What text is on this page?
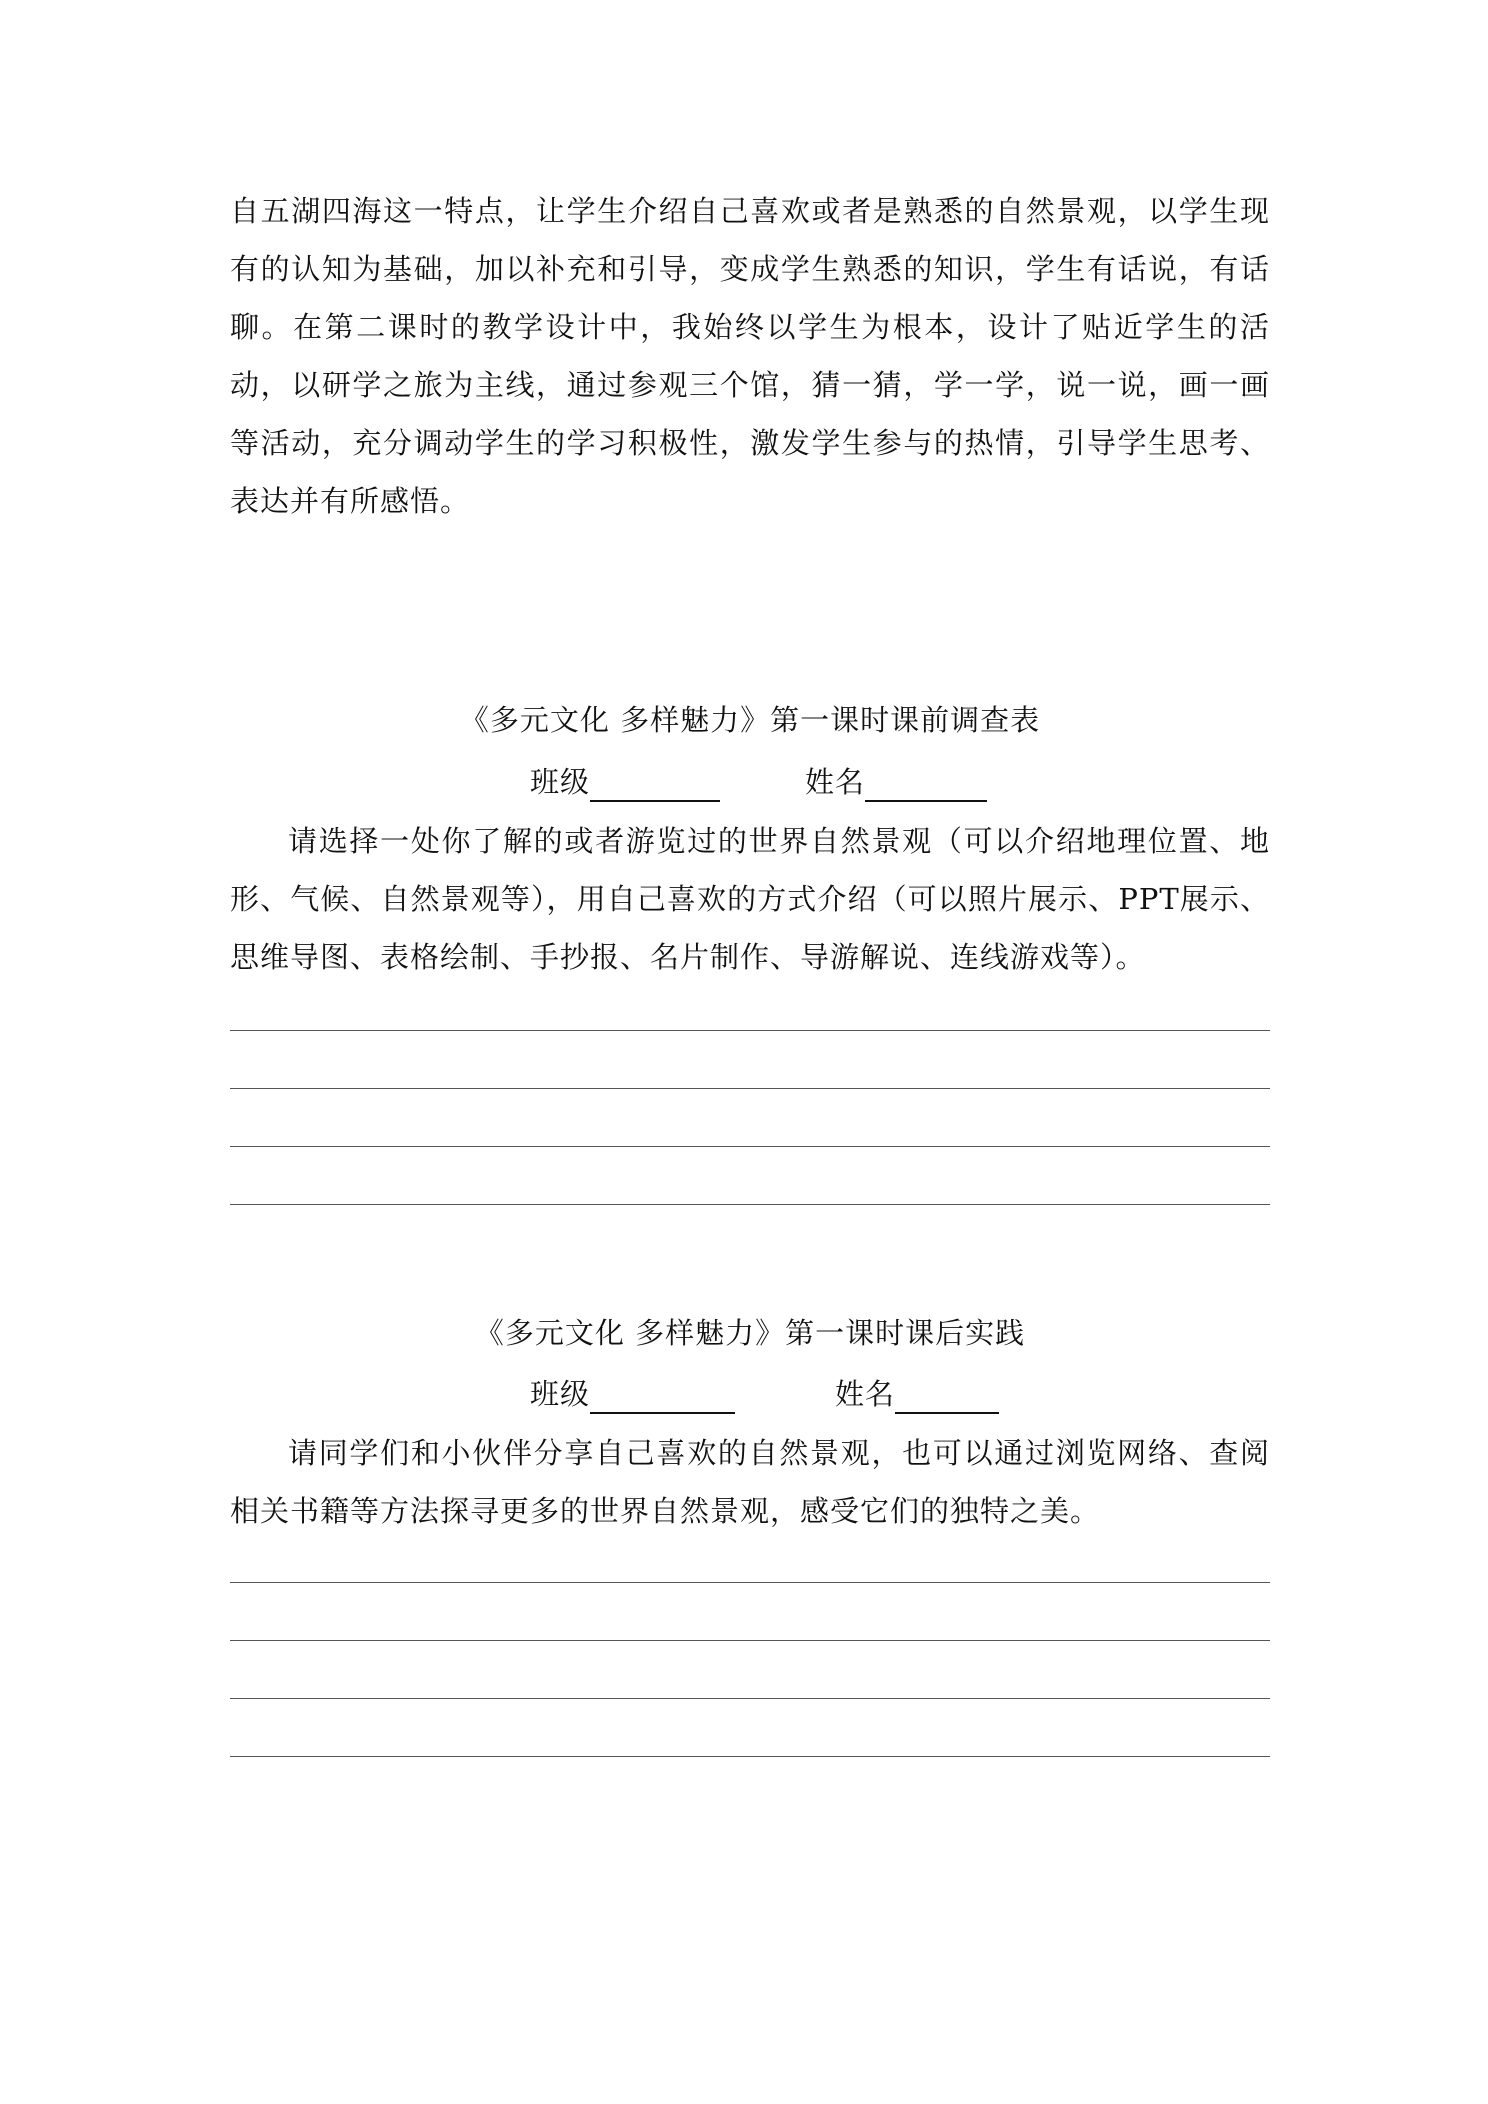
自五湖四海这一特点，让学生介绍自己喜欢或者是熟悉的自然景观，以学生现有的认知为基础，加以补充和引导，变成学生熟悉的知识，学生有话说，有话聊。在第二课时的教学设计中，我始终以学生为根本，设计了贴近学生的活动，以研学之旅为主线，通过参观三个馆，猜一猜，学一学，说一说，画一画等活动，充分调动学生的学习积极性，激发学生参与的热情，引导学生思考、表达并有所感悟。

《多元文化 多样魅力》第一课时课前调查表
班级	姓名

请选择一处你了解的或者游览过的世界自然景观（可以介绍地理位置、地形、气候、自然景观等），用自己喜欢的方式介绍（可以照片展示、PPT展示、思维导图、表格绘制、手抄报、名片制作、导游解说、连线游戏等）。

《多元文化 多样魅力》第一课时课后实践
班级	姓名

请同学们和小伙伴分享自己喜欢的自然景观，也可以通过浏览网络、查阅相关书籍等方法探寻更多的世界自然景观，感受它们的独特之美。
